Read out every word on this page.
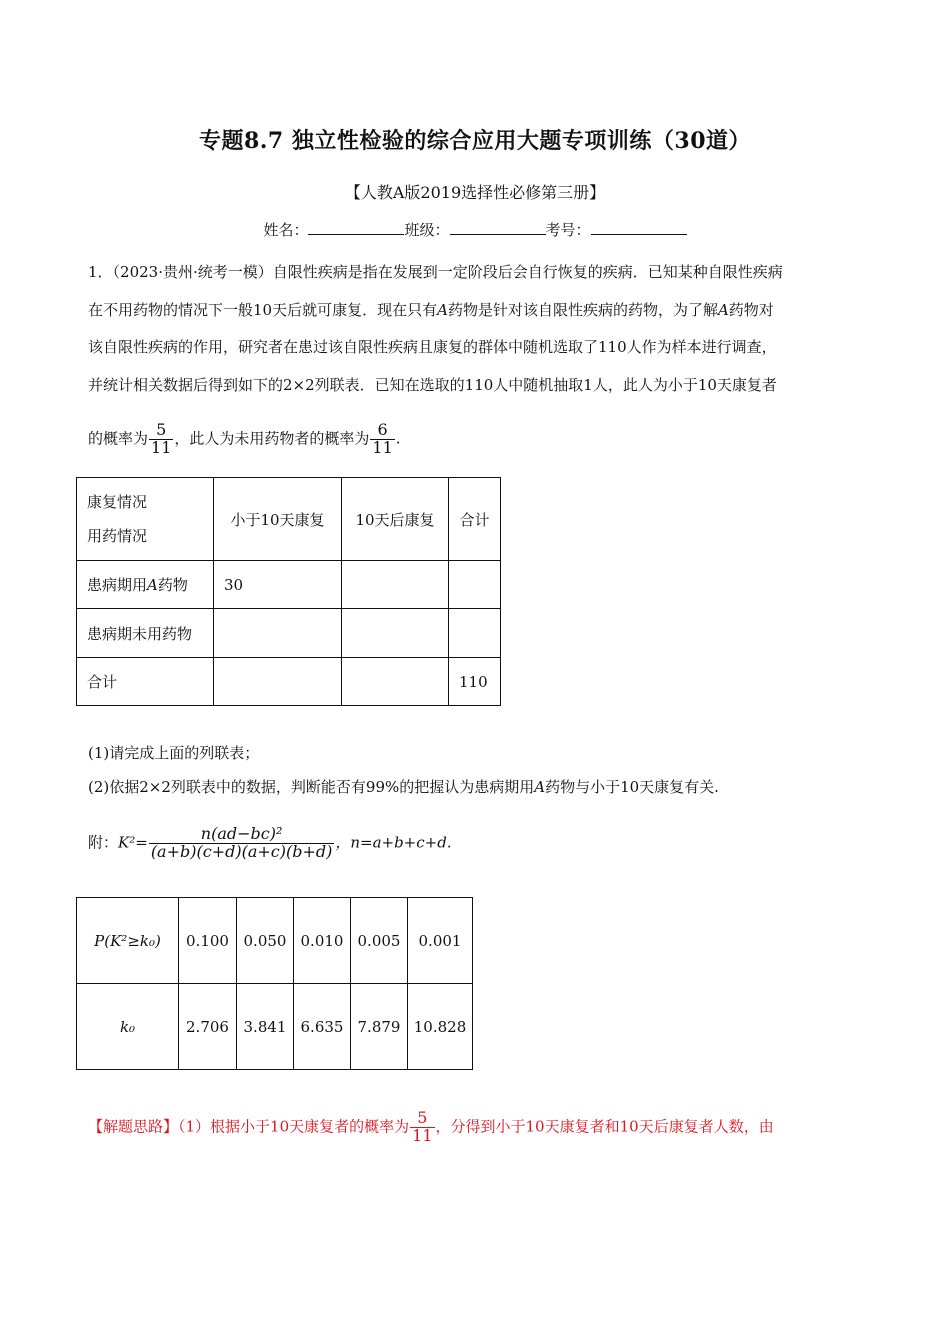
专题8.7 独立性检验的综合应用大题专项训练（30道）
【人教A版2019选择性必修第三册】
姓名：	班级：	考号：

1．（2023·贵州·统考一模）自限性疾病是指在发展到一定阶段后会自行恢复的疾病．已知某种自限性疾病

在不用药物的情况下一般10天后就可康复．现在只有A药物是针对该自限性疾病的药物，为了解A药物对

该自限性疾病的作用，研究者在患过该自限性疾病且康复的群体中随机选取了110人作为样本进行调查，

并统计相关数据后得到如下的2×2列联表．已知在选取的110人中随机抽取1人，此人为小于10天康复者

的概率为 $\frac{5}{11}$ ，此人为未用药物者的概率为 $\frac{6}{11}$ .
康复情况
用药情况	小于10天康复	10天后康复	合计
患病期用A药物	30		
患病期未用药物			
合计			110
(1)请完成上面的列联表；
(2)依据2×2列联表中的数据，判断能否有99%的把握认为患病期用A药物与小于10天康复有关.
附：$K^2= \frac{\text{n(ad−bc)²}}{(a+b)(c+d)(a+c)(b+d)}$ ，n=a+b+c+d.
P(K²≥k₀)	0.100	0.050	0.010	0.005	0.001
k₀	2.706	3.841	6.635	7.879	10.828
【解题思路】（1）根据小于10天康复者的概率为 $\frac{5}{11}$ ，分得到小于10天康复者和10天后康复者人数，由
